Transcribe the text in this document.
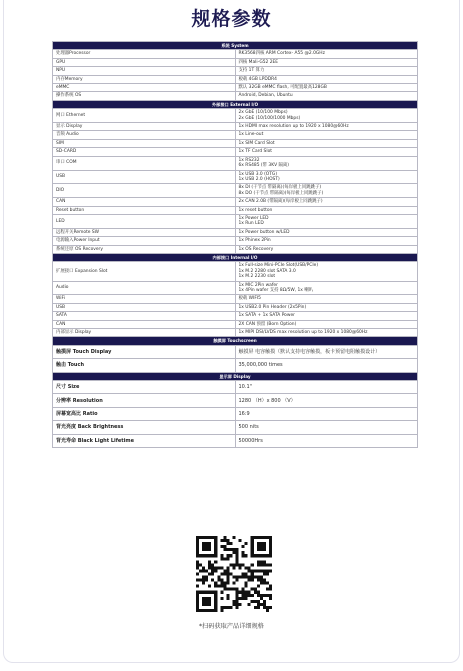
规格参数
系统 System	
处理器Processor	RK3568四核 ARM Cortex- A55 @2.0GHz

GPU	四核 Mali-G52 2EE

NPU	支持 1T 算力

内存Memory	板载 4GB LPDDR4

eMMC	默认 32GB eMMC flash, 可配置最高128GB

操作系统 OS	Android, Debian, Ubuntu

外部接口 External I/O	
网口 Ethernet	2x GbE (10/100 Mbps)
2x GbE (10/100/1000 Mbps)

显示 Display	1x HDMI max resolution up to 1920 x 1080@60Hz

音频 Audio	1x Line-out

SIM	1x SIM Card Slot

SD-CARD	1x TF Card Slot

串口 COM	1x RS232
6x RS485 (带 3KV 隔离)

USB	1x USB 3.0 (OTG)
1x USB 2.0 (HOST)

DIO	8x DI (干节点 带隔离)(每岸板上同跳跳子)
8x DO (干节点 带隔离)(每岸板上同跳跳子)

CAN	2x CAN 2.0B (带隔离)(每岸板上同跳跳子)

Reset button	1x reset button

LED	1x Power LED
1x Run LED

远程开关Remote SW	1x Power button w/LED

电源输入Power Input	1x Phinex 2Pin

系统还原 OS Recovery	1x OS Recovery

内部接口 Internal I/O	
扩展接口 Expansion Slot	1x Full-size Mini-PCIe Slot(USB/PCIe)
1x M.2 2280 slot SATA 3.0
1x M.2 2230 slot

Audio	1x MIC 2Pin wafer
1x 4Pin wafer 支持 8Ω/5W, 1x 喇叭

WiFi	板载 WIFI5

USB	1x USB2.0 Pin Header (2x5Pin)

SATA	1x SATA + 1x SATA Power

CAN	2X CAN 预留 (Born Option)

内部显示 Display	1x MIPI DSI/LVDS max resolution up to 1920 x 1080@60Hz

触摸屏 Touchscreen	
触摸屏 Touch Display	触摸屏 电容触摸（默认支持电容触摸，板卡预留电阻触摸设计）

触击 Touch	35,000,000 times

显示屏 Display	
尺寸 Size	10.1"

分辨率 Resolution	1280 （H）x 800 （V）

屏幕宽高比 Ratio	16:9

背光亮度 Back Brightness	500 nits

背光寿命 Black Light Lifetime	50000Hrs
*扫码获取产品详细规格
